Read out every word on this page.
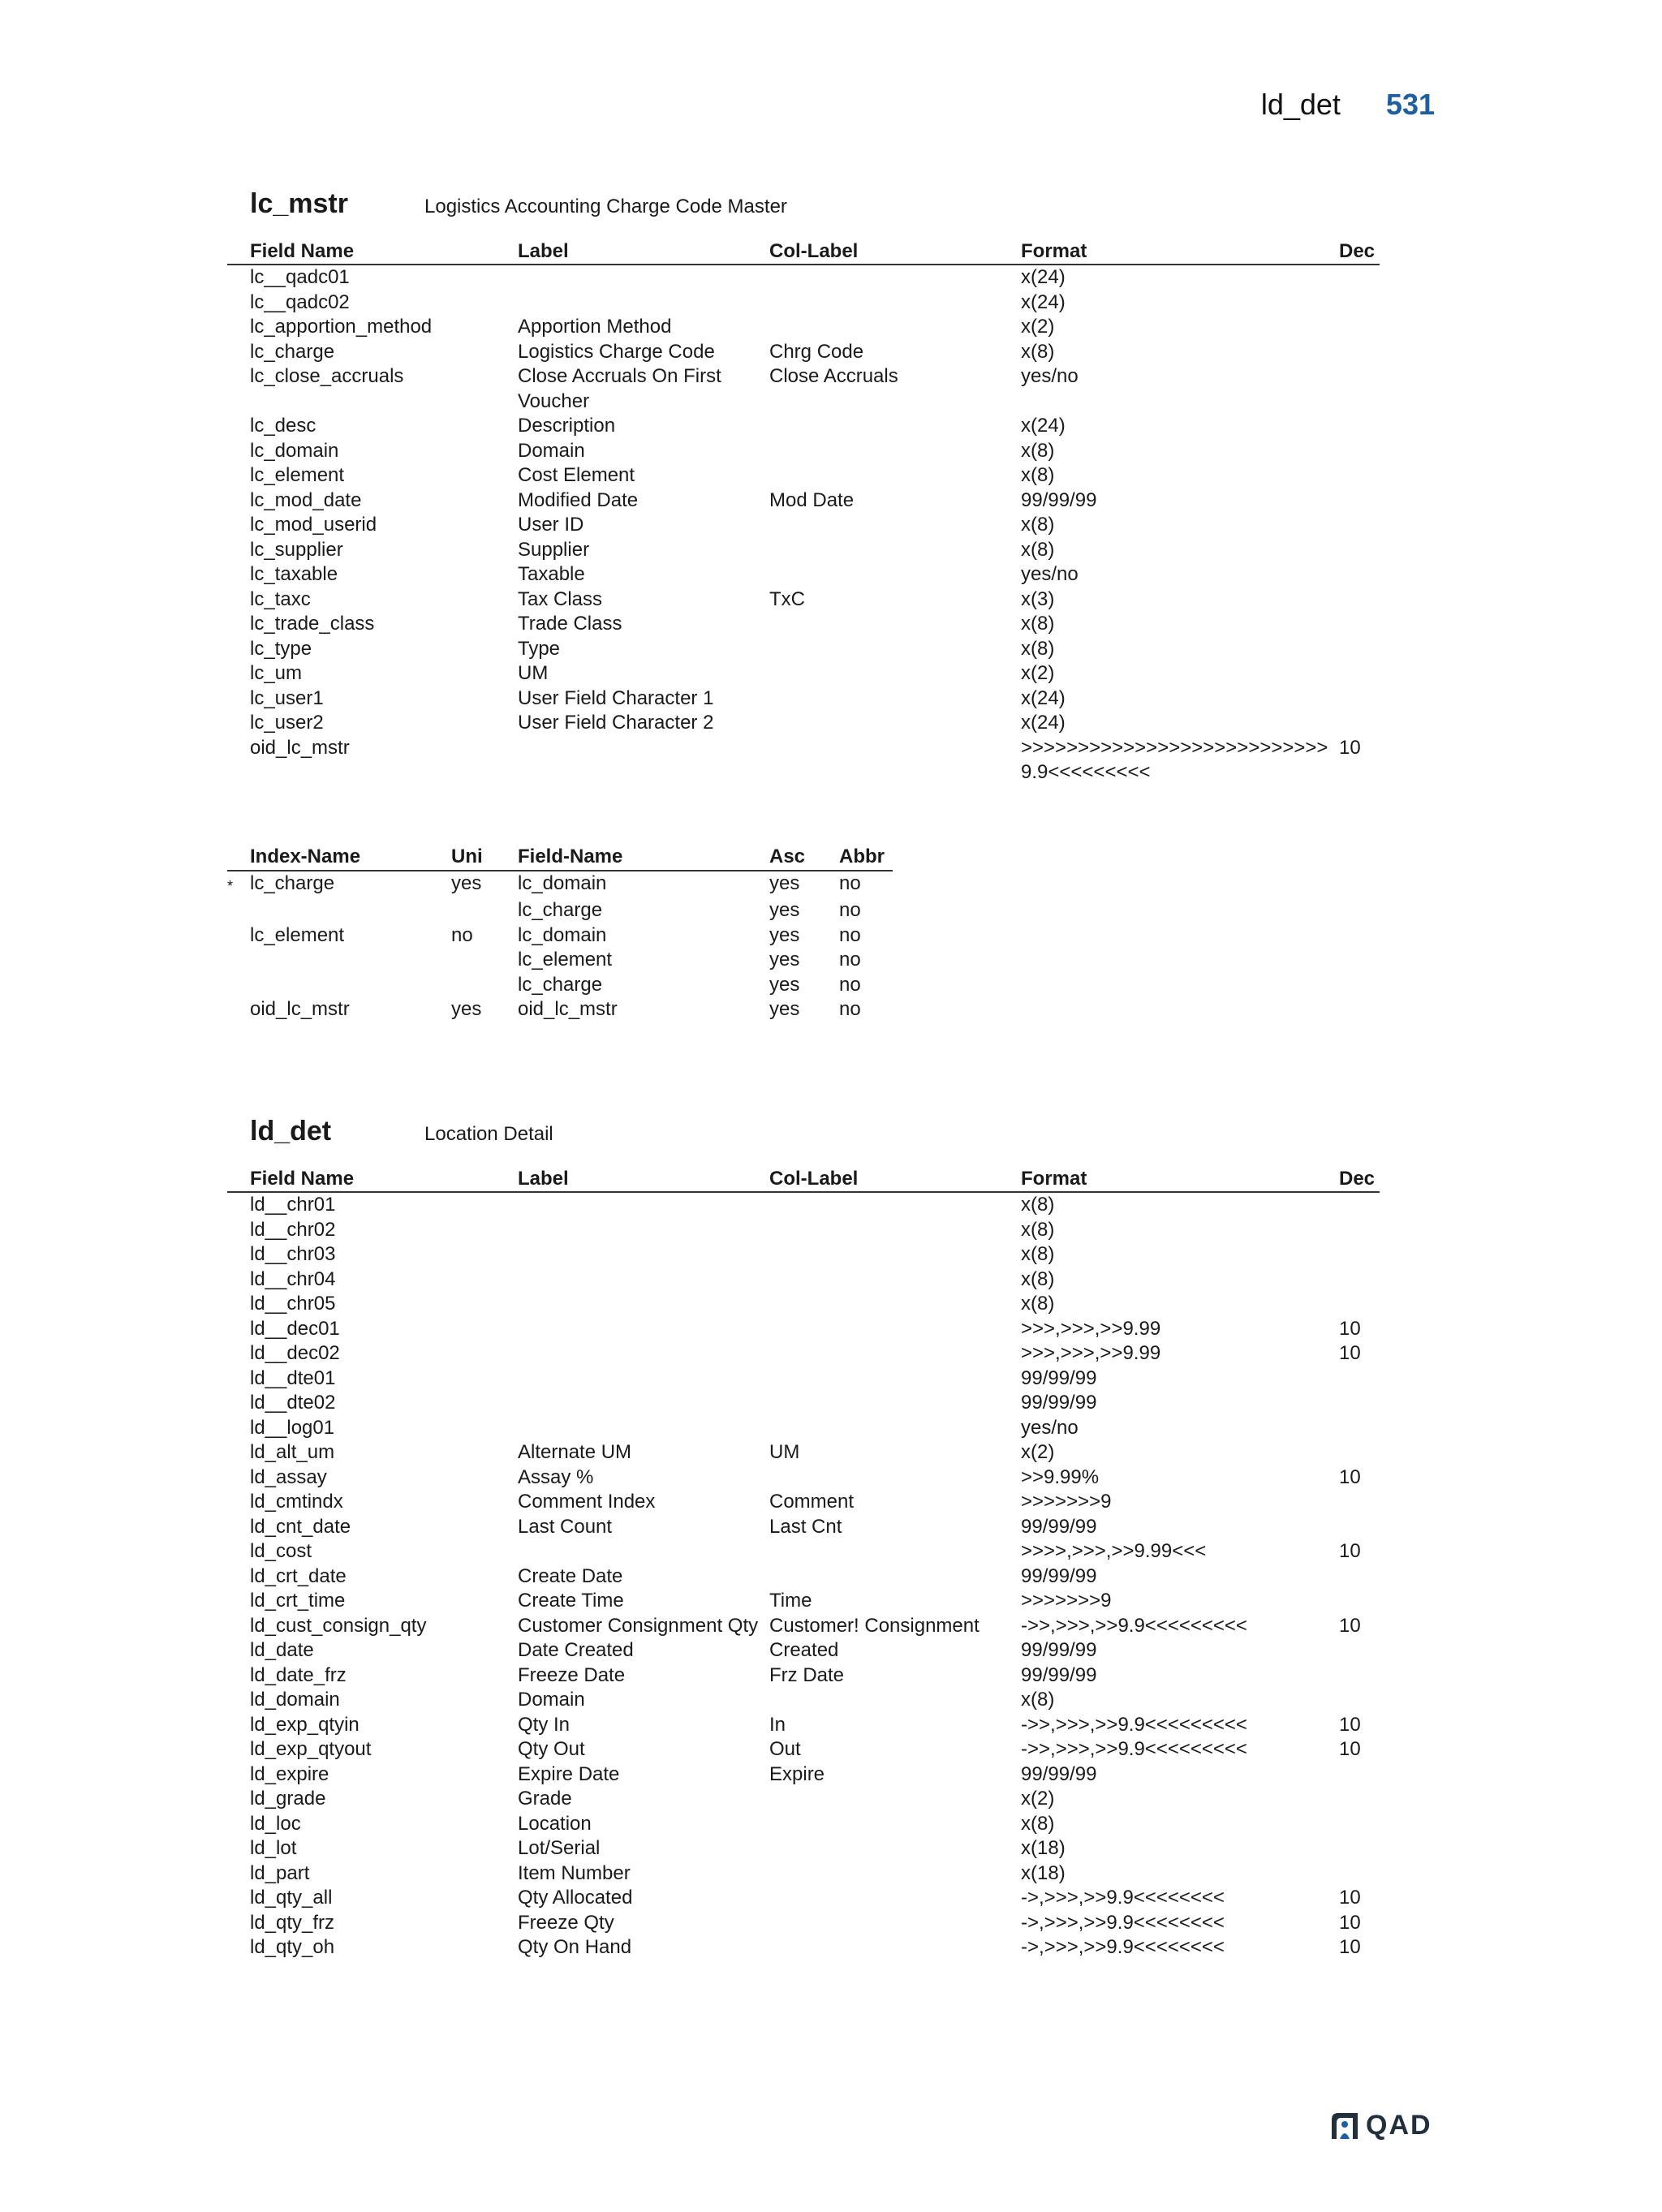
ld_det 531
lc_mstr	Logistics Accounting Charge Code Master
	Field Name	Label	Col-Label	Format	Dec
	lc__qadc01			x(24)	
	lc__qadc02			x(24)	
	lc_apportion_method	Apportion Method		x(2)	
	lc_charge	Logistics Charge Code	Chrg Code	x(8)	
	lc_close_accruals	Close Accruals On First Voucher	Close Accruals	yes/no	
	lc_desc	Description		x(24)	
	lc_domain	Domain		x(8)	
	lc_element	Cost Element		x(8)	
	lc_mod_date	Modified Date	Mod Date	99/99/99	
	lc_mod_userid	User ID		x(8)	
	lc_supplier	Supplier		x(8)	
	lc_taxable	Taxable		yes/no	
	lc_taxc	Tax Class	TxC	x(3)	
	lc_trade_class	Trade Class		x(8)	
	lc_type	Type		x(8)	
	lc_um	UM		x(2)	
	lc_user1	User Field Character 1		x(24)	
	lc_user2	User Field Character 2		x(24)	
	oid_lc_mstr			>>>>>>>>>>>>>>>>>>>>>>>>>>>9.9<<<<<<<<<	10
	Index-Name	Uni	Field-Name	Asc	Abbr
*	lc_charge	yes	lc_domain	yes	no
			lc_charge	yes	no
	lc_element	no	lc_domain	yes	no
			lc_element	yes	no
			lc_charge	yes	no
	oid_lc_mstr	yes	oid_lc_mstr	yes	no
ld_det	Location Detail
	Field Name	Label	Col-Label	Format	Dec
	ld__chr01			x(8)	
	ld__chr02			x(8)	
	ld__chr03			x(8)	
	ld__chr04			x(8)	
	ld__chr05			x(8)	
	ld__dec01			>>>,>>>,>>9.99	10
	ld__dec02			>>>,>>>,>>9.99	10
	ld__dte01			99/99/99	
	ld__dte02			99/99/99	
	ld__log01			yes/no	
	ld_alt_um	Alternate UM	UM	x(2)	
	ld_assay	Assay %		>>9.99%	10
	ld_cmtindx	Comment Index	Comment	>>>>>>>9	
	ld_cnt_date	Last Count	Last Cnt	99/99/99	
	ld_cost			>>>>,>>>,>>9.99<<<	10
	ld_crt_date	Create Date		99/99/99	
	ld_crt_time	Create Time	Time	>>>>>>>9	
	ld_cust_consign_qty	Customer Consignment Qty	Customer! Consignment	->>,>>>,>>9.9<<<<<<<<<	10
	ld_date	Date Created	Created	99/99/99	
	ld_date_frz	Freeze Date	Frz Date	99/99/99	
	ld_domain	Domain		x(8)	
	ld_exp_qtyin	Qty In	In	->>,>>>,>>9.9<<<<<<<<<	10
	ld_exp_qtyout	Qty Out	Out	->>,>>>,>>9.9<<<<<<<<<	10
	ld_expire	Expire Date	Expire	99/99/99	
	ld_grade	Grade		x(2)	
	ld_loc	Location		x(8)	
	ld_lot	Lot/Serial		x(18)	
	ld_part	Item Number		x(18)	
	ld_qty_all	Qty Allocated		->,>>>,>>9.9<<<<<<<<	10
	ld_qty_frz	Freeze Qty		->,>>>,>>9.9<<<<<<<<	10
	ld_qty_oh	Qty On Hand		->,>>>,>>9.9<<<<<<<<	10
QAD
